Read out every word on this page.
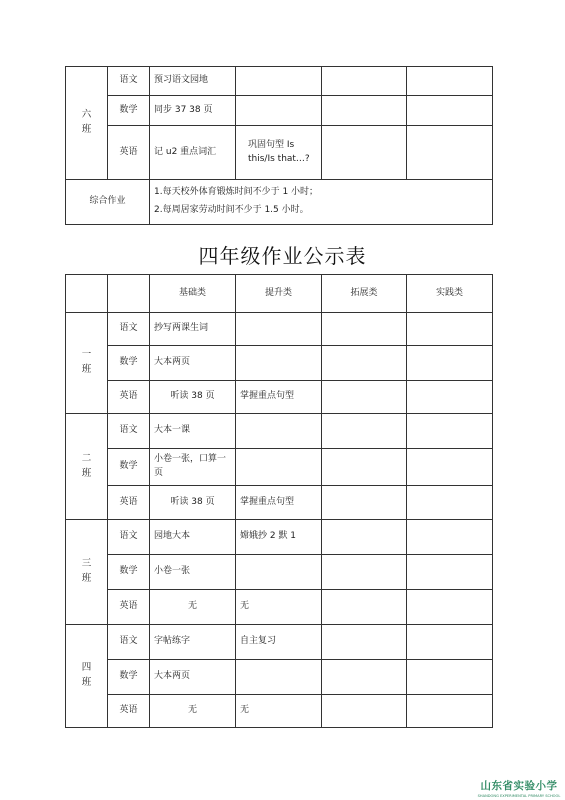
六
班	语文	预习语文园地			
	数学	同步 37 38 页			
	英语	记 u2 重点词汇	巩固句型 Is this/Is that…?		
综合作业		1.每天校外体育锻炼时间不少于 1 小时；
2.每周居家劳动时间不少于 1.5 小时。			
四年级作业公示表
		基础类	提升类	拓展类	实践类

一
班	语文	抄写两课生词			
	数学	大本两页			
	英语	听读 38 页	掌握重点句型		

二
班	语文	大本一课			
	数学	小卷一张，口算一页			
	英语	听读 38 页	掌握重点句型		

三
班	语文	园地大本	嫦娥抄 2 默 1		
	数学	小卷一张			
	英语	无	无		

四
班	语文	字帖练字	自主复习		
	数学	大本两页			
	英语	无	无		
山东省实验小学
SHANDONG EXPERIMENTAL PRIMARY SCHOOL
